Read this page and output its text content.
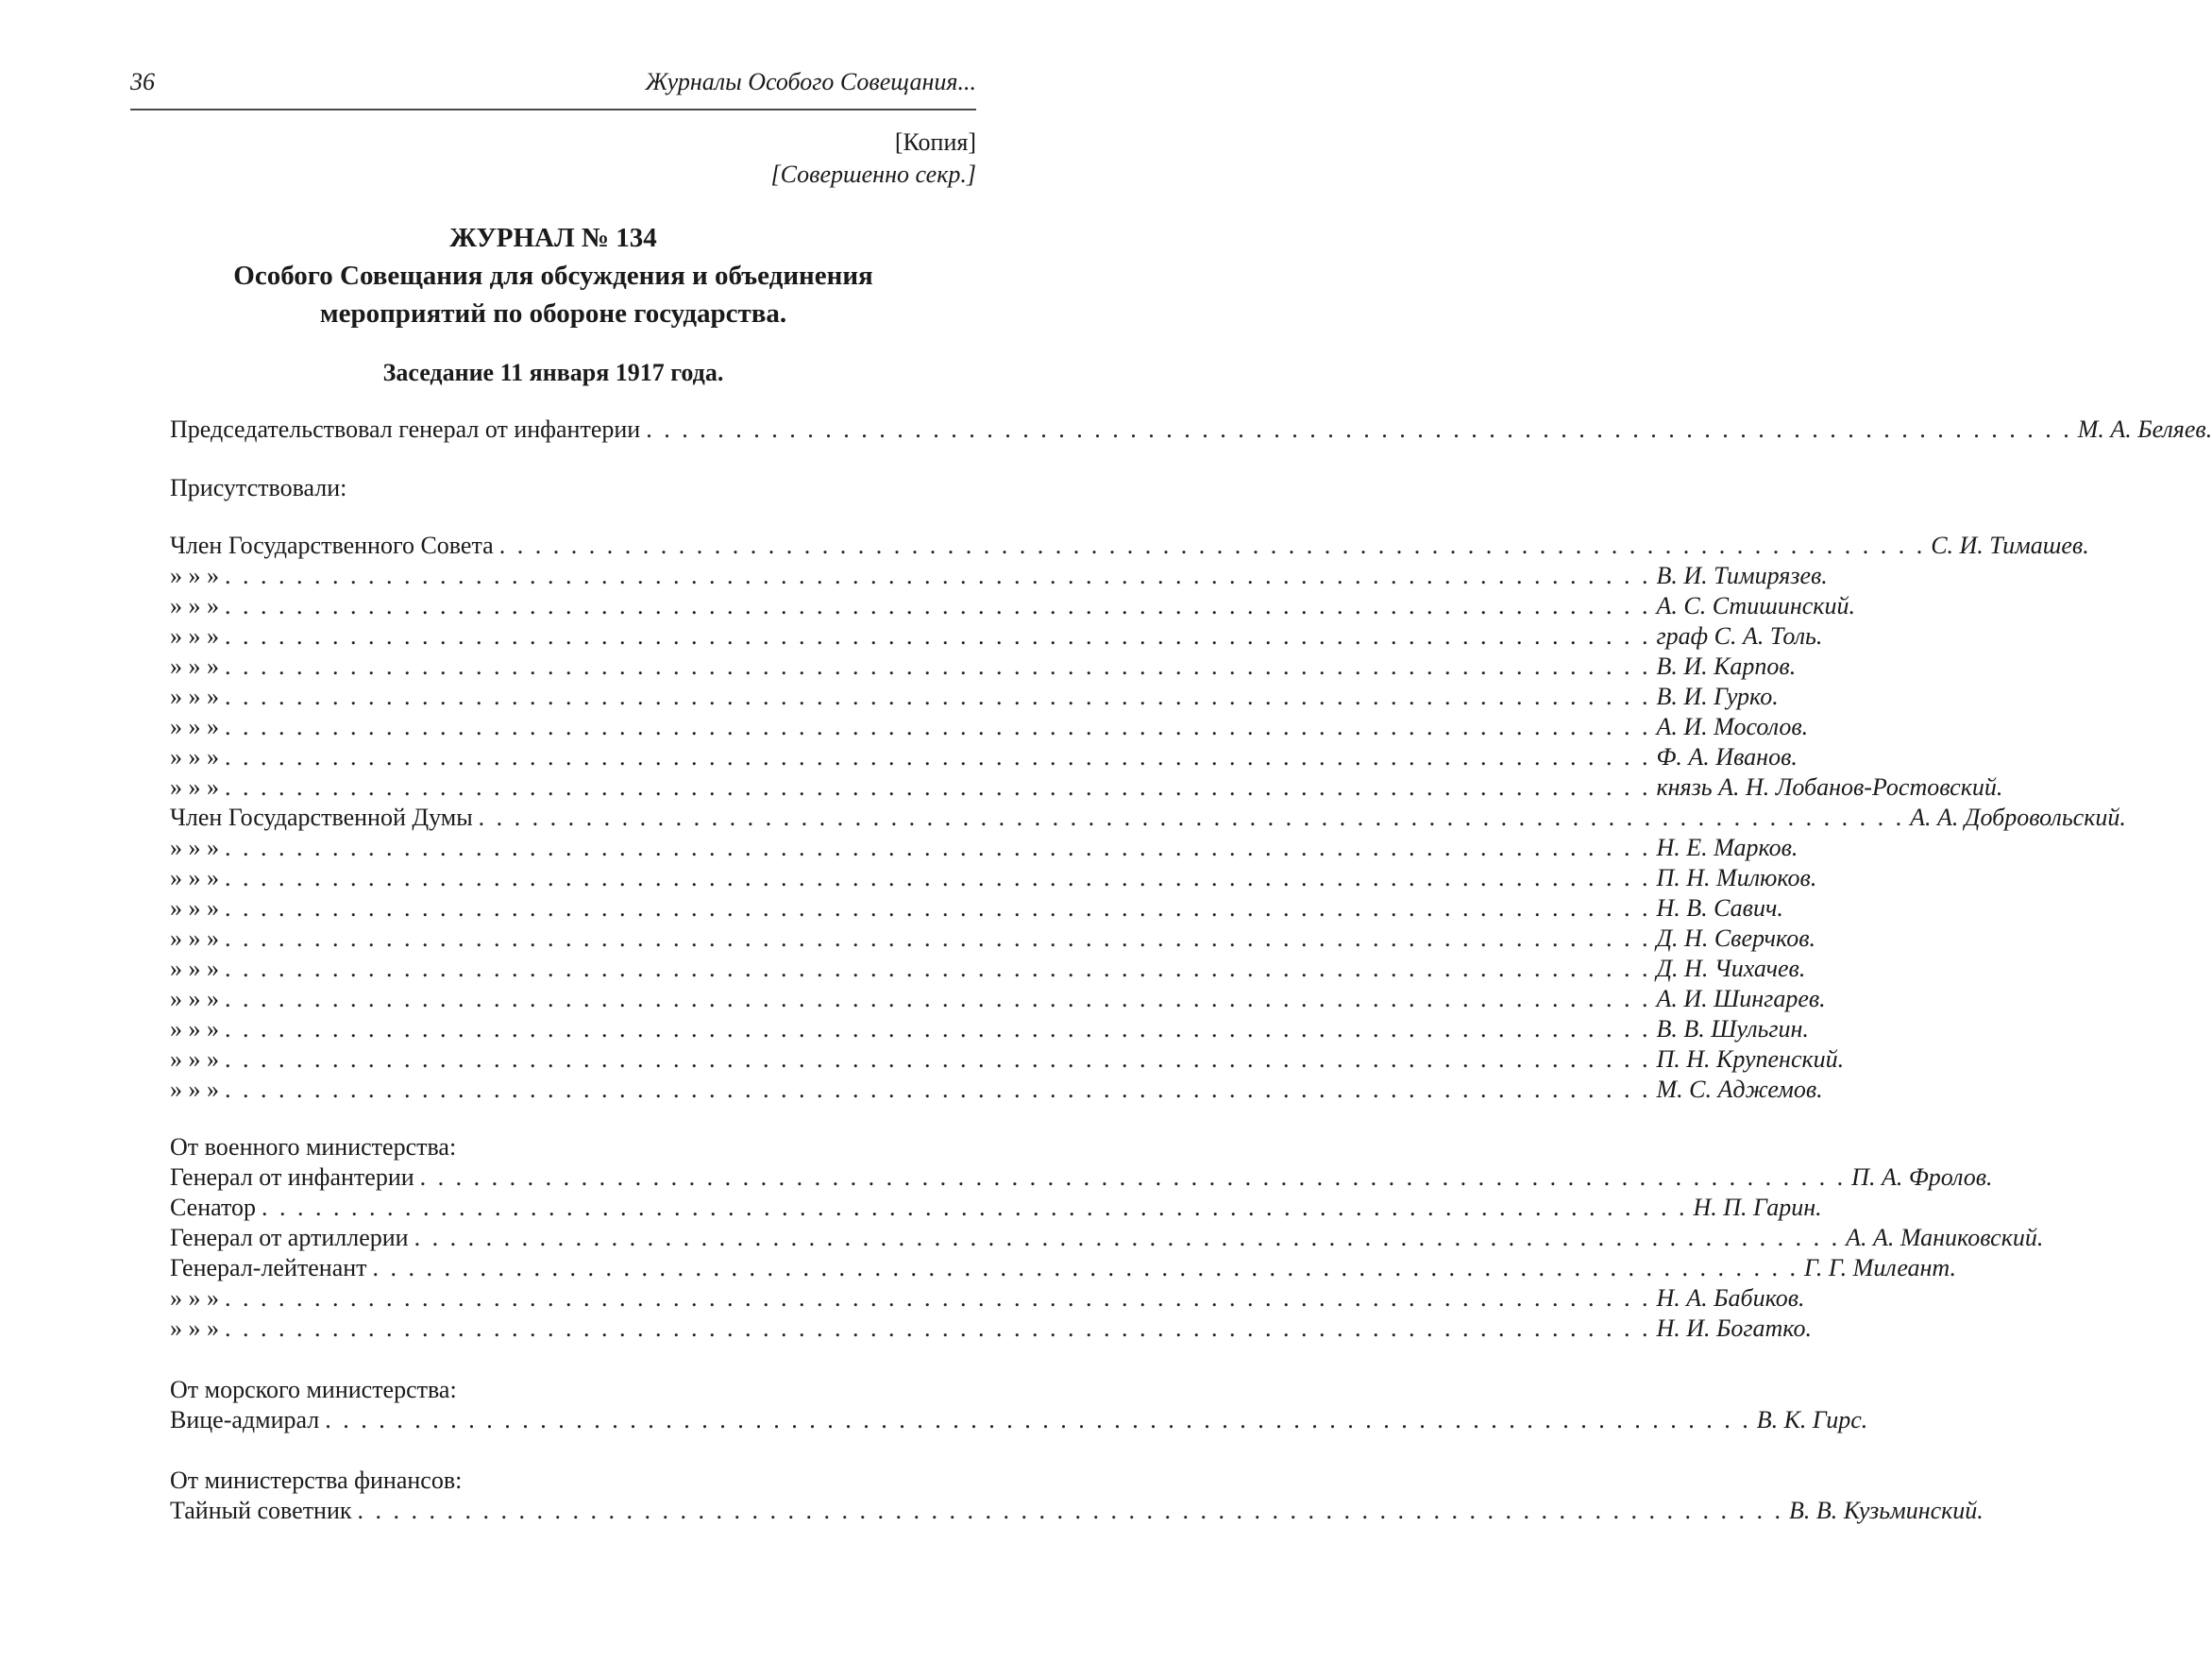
36	Журналы Особого Совещания...
[Копия]
[Совершенно секр.]
ЖУРНАЛ № 134
Особого Совещания для обсуждения и объединения
мероприятий по обороне государства.
Заседание 11 января 1917 года.
Председательствовал генерал от инфантерии . . . . . . . . . . . . . . . . . . . . . . . . . . . . . . . . . . . . . . . . . . . . . . . . . . . . . . . . . . . . . . . . . . . . . . . . . . . . . . . . М. А. Беляев.
Присутствовали:
Член Государственного Совета . . . . . . . . . . . . . . . . . . . . . . . . . . . . . . . . . . . . . . . . . . . . . . . . . . . . . . . . . . . . . . . . . . . . . . . . . . . . . . . . С. И. Тимашев.
» » » . . . . . . . . . . . . . . . . . . . . . . . . . . . . . . . . . . . . . . . . . . . . . . . . . . . . . . . . . . . . . . . . . . . . . . . . . . . . . . . . В. И. Тимирязев.
» » » . . . . . . . . . . . . . . . . . . . . . . . . . . . . . . . . . . . . . . . . . . . . . . . . . . . . . . . . . . . . . . . . . . . . . . . . . . . . . . . . А. С. Стишинский.
» » » . . . . . . . . . . . . . . . . . . . . . . . . . . . . . . . . . . . . . . . . . . . . . . . . . . . . . . . . . . . . . . . . . . . . . . . . . . . . . . . . граф С. А. Толь.
» » » . . . . . . . . . . . . . . . . . . . . . . . . . . . . . . . . . . . . . . . . . . . . . . . . . . . . . . . . . . . . . . . . . . . . . . . . . . . . . . . . В. И. Карпов.
» » » . . . . . . . . . . . . . . . . . . . . . . . . . . . . . . . . . . . . . . . . . . . . . . . . . . . . . . . . . . . . . . . . . . . . . . . . . . . . . . . . В. И. Гурко.
» » » . . . . . . . . . . . . . . . . . . . . . . . . . . . . . . . . . . . . . . . . . . . . . . . . . . . . . . . . . . . . . . . . . . . . . . . . . . . . . . . . А. И. Мосолов.
» » » . . . . . . . . . . . . . . . . . . . . . . . . . . . . . . . . . . . . . . . . . . . . . . . . . . . . . . . . . . . . . . . . . . . . . . . . . . . . . . . . Ф. А. Иванов.
» » » . . . . . . . . . . . . . . . . . . . . . . . . . . . . . . . . . . . . . . . . . . . . . . . . . . . . . . . . . . . . . . . . . . . . . . . . . . . . . . . . князь А. Н. Лобанов-Ростовский.
Член Государственной Думы . . . . . . . . . . . . . . . . . . . . . . . . . . . . . . . . . . . . . . . . . . . . . . . . . . . . . . . . . . . . . . . . . . . . . . . . . . . . . . . . А. А. Добровольский.
» » » . . . . . . . . . . . . . . . . . . . . . . . . . . . . . . . . . . . . . . . . . . . . . . . . . . . . . . . . . . . . . . . . . . . . . . . . . . . . . . . . Н. Е. Марков.
» » » . . . . . . . . . . . . . . . . . . . . . . . . . . . . . . . . . . . . . . . . . . . . . . . . . . . . . . . . . . . . . . . . . . . . . . . . . . . . . . . . П. Н. Милюков.
» » » . . . . . . . . . . . . . . . . . . . . . . . . . . . . . . . . . . . . . . . . . . . . . . . . . . . . . . . . . . . . . . . . . . . . . . . . . . . . . . . . Н. В. Савич.
» » » . . . . . . . . . . . . . . . . . . . . . . . . . . . . . . . . . . . . . . . . . . . . . . . . . . . . . . . . . . . . . . . . . . . . . . . . . . . . . . . . Д. Н. Сверчков.
» » » . . . . . . . . . . . . . . . . . . . . . . . . . . . . . . . . . . . . . . . . . . . . . . . . . . . . . . . . . . . . . . . . . . . . . . . . . . . . . . . . Д. Н. Чихачев.
» » » . . . . . . . . . . . . . . . . . . . . . . . . . . . . . . . . . . . . . . . . . . . . . . . . . . . . . . . . . . . . . . . . . . . . . . . . . . . . . . . . А. И. Шингарев.
» » » . . . . . . . . . . . . . . . . . . . . . . . . . . . . . . . . . . . . . . . . . . . . . . . . . . . . . . . . . . . . . . . . . . . . . . . . . . . . . . . . В. В. Шульгин.
» » » . . . . . . . . . . . . . . . . . . . . . . . . . . . . . . . . . . . . . . . . . . . . . . . . . . . . . . . . . . . . . . . . . . . . . . . . . . . . . . . . П. Н. Крупенский.
» » » . . . . . . . . . . . . . . . . . . . . . . . . . . . . . . . . . . . . . . . . . . . . . . . . . . . . . . . . . . . . . . . . . . . . . . . . . . . . . . . . М. С. Аджемов.
От военного министерства:
Генерал от инфантерии . . . . . . . . . . . . . . . . . . . . . . . . . . . . . . . . . . . . . . . . . . . . . . . . . . . . . . . . . . . . . . . . . . . . . . . . . . . . . . . . П. А. Фролов.
Сенатор . . . . . . . . . . . . . . . . . . . . . . . . . . . . . . . . . . . . . . . . . . . . . . . . . . . . . . . . . . . . . . . . . . . . . . . . . . . . . . . . Н. П. Гарин.
Генерал от артиллерии . . . . . . . . . . . . . . . . . . . . . . . . . . . . . . . . . . . . . . . . . . . . . . . . . . . . . . . . . . . . . . . . . . . . . . . . . . . . . . . . А. А. Маниковский.
Генерал-лейтенант . . . . . . . . . . . . . . . . . . . . . . . . . . . . . . . . . . . . . . . . . . . . . . . . . . . . . . . . . . . . . . . . . . . . . . . . . . . . . . . . Г. Г. Милеант.
» » » . . . . . . . . . . . . . . . . . . . . . . . . . . . . . . . . . . . . . . . . . . . . . . . . . . . . . . . . . . . . . . . . . . . . . . . . . . . . . . . . Н. А. Бабиков.
» » » . . . . . . . . . . . . . . . . . . . . . . . . . . . . . . . . . . . . . . . . . . . . . . . . . . . . . . . . . . . . . . . . . . . . . . . . . . . . . . . . Н. И. Богатко.
От морского министерства:
Вице-адмирал . . . . . . . . . . . . . . . . . . . . . . . . . . . . . . . . . . . . . . . . . . . . . . . . . . . . . . . . . . . . . . . . . . . . . . . . . . . . . . . . В. К. Гирс.
От министерства финансов:
Тайный советник . . . . . . . . . . . . . . . . . . . . . . . . . . . . . . . . . . . . . . . . . . . . . . . . . . . . . . . . . . . . . . . . . . . . . . . . . . . . . . . . В. В. Кузьминский.
